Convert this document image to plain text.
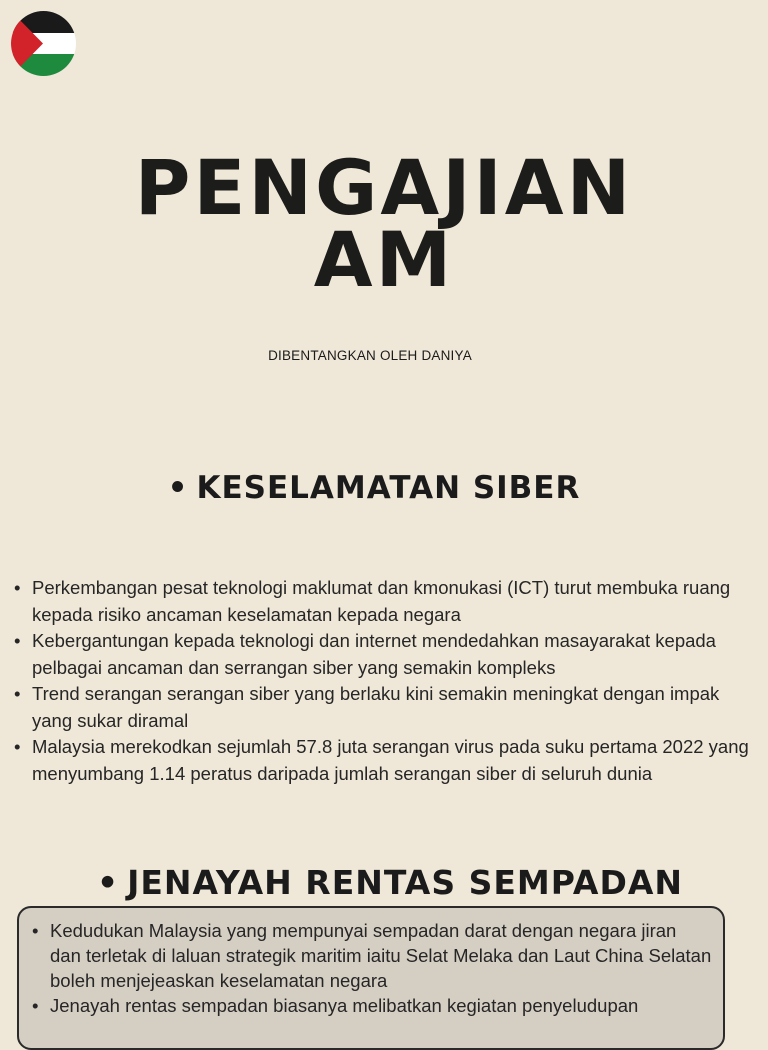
PENGAJIAN
AM
DIBENTANGKAN OLEH DANIYA
• KESELAMATAN SIBER
• Perkembangan pesat teknologi maklumat dan kmonukasi (ICT) turut membuka ruang kepada risiko ancaman keselamatan kepada negara
• Kebergantungan kepada teknologi dan internet mendedahkan masayarakat kepada pelbagai ancaman dan serrangan siber yang semakin kompleks
• Trend serangan serangan siber yang berlaku kini semakin meningkat dengan impak yang sukar diramal
• Malaysia merekodkan sejumlah 57.8 juta serangan virus pada suku pertama 2022 yang menyumbang 1.14 peratus daripada jumlah serangan siber di seluruh dunia
• JENAYAH RENTAS SEMPADAN
• Kedudukan Malaysia yang mempunyai sempadan darat dengan negara jiran dan terletak di laluan strategik maritim iaitu Selat Melaka dan Laut China Selatan boleh menjejeaskan keselamatan negara
• Jenayah rentas sempadan biasanya melibatkan kegiatan penyeludupan
